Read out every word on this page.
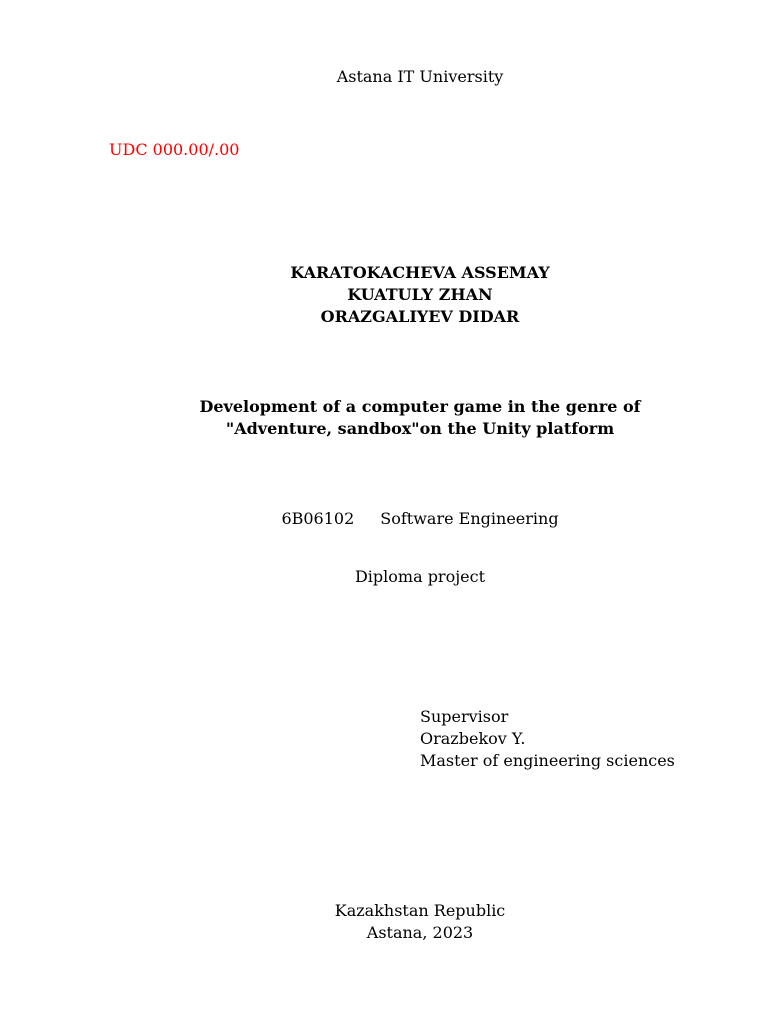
Astana IT University
UDC 000.00/.00
KARATOKACHEVA ASSEMAY
KUATULY ZHAN
ORAZGALIYEV DIDAR
Development of a computer game in the genre of
"Adventure, sandbox"on the Unity platform
6B06102 Software Engineering
Diploma project
Supervisor
Orazbekov Y.
Master of engineering sciences
Kazakhstan Republic
Astana, 2023
